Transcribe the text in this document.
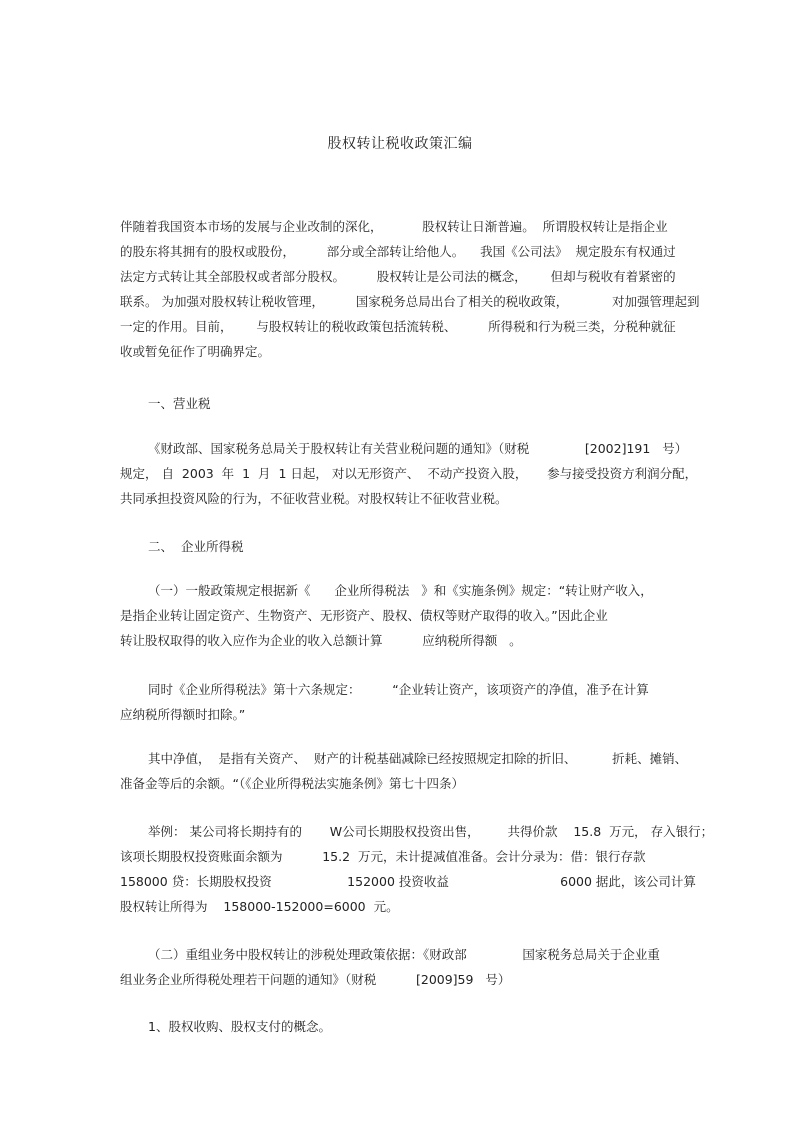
股权转让税收政策汇编
伴随着我国资本市场的发展与企业改制的深化，          股权转让日渐普遍。  所谓股权转让是指企业
的股东将其拥有的股权或股份，        部分或全部转让给他人。    我国《公司法》  规定股东有权通过
法定方式转让其全部股权或者部分股权。        股权转让是公司法的概念，      但却与税收有着紧密的
联系。 为加强对股权转让税收管理，        国家税务总局出台了相关的税收政策，           对加强管理起到
一定的作用。目前，      与股权转让的税收政策包括流转税、        所得税和行为税三类，分税种就征
收或暂免征作了明确界定。
一、营业税
《财政部、国家税务总局关于股权转让有关营业税问题的通知》（财税              [2002]191   号）
规定， 自  2003  年  1  月  1 日起， 对以无形资产、  不动产投资入股，     参与接受投资方利润分配，
共同承担投资风险的行为，不征收营业税。对股权转让不征收营业税。
二、  企业所得税
（一）一般政策规定根据新《      企业所得税法   》和《实施条例》规定：“转让财产收入，
是指企业转让固定资产、生物资产、无形资产、股权、债权等财产取得的收入。”因此企业
转让股权取得的收入应作为企业的收入总额计算          应纳税所得额   。
同时《企业所得税法》第十六条规定：        “企业转让资产，该项资产的净值，准予在计算
应纳税所得额时扣除。”
其中净值，  是指有关资产、  财产的计税基础减除已经按照规定扣除的折旧、         折耗、摊销、
准备金等后的余额。“（《企业所得税法实施条例》第七十四条）
举例： 某公司将长期持有的       W公司长期股权投资出售，       共得价款    15.8  万元， 存入银行；
该项长期股权投资账面余额为          15.2  万元，未计提减值准备。会计分录为：借：银行存款
158000 贷：长期股权投资                   152000 投资收益                            6000 据此，该公司计算
股权转让所得为    158000-152000=6000  元。
（二）重组业务中股权转让的涉税处理政策依据：《财政部              国家税务总局关于企业重
组业务企业所得税处理若干问题的通知》（财税          [2009]59   号）
1、股权收购、股权支付的概念。
